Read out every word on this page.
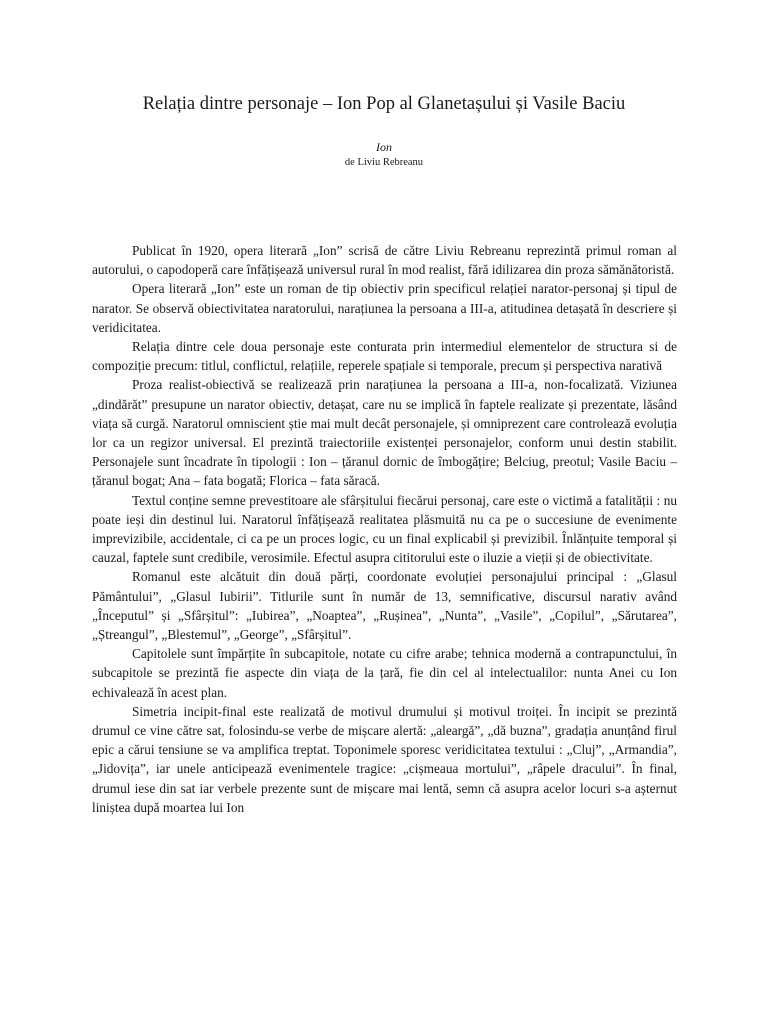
Relația dintre personaje – Ion Pop al Glanetașului și Vasile Baciu
Ion
de Liviu Rebreanu

Publicat în 1920, opera literară „Ion” scrisă de către Liviu Rebreanu reprezintă primul roman al autorului, o capodoperă care înfățișează universul rural în mod realist, fără idilizarea din proza sămănătoristă.

Opera literară „Ion” este un roman de tip obiectiv prin specificul relației narator-personaj și tipul de narator. Se observă obiectivitatea naratorului, narațiunea la persoana a III-a, atitudinea detașată în descriere și veridicitatea.

Relația dintre cele doua personaje este conturata prin intermediul elementelor de structura si de compoziție precum: titlul, conflictul, relațiile, reperele spațiale si temporale, precum și perspectiva narativă

Proza realist-obiectivă se realizează prin narațiunea la persoana a III-a, non-focalizată. Viziunea „dindărăt” presupune un narator obiectiv, detașat, care nu se implică în faptele realizate și prezentate, lăsând viața să curgă. Naratorul omniscient știe mai mult decât personajele, și omniprezent care controlează evoluția lor ca un regizor universal. El prezintă traiectoriile existenței personajelor, conform unui destin stabilit. Personajele sunt încadrate în tipologii : Ion – țăranul dornic de îmbogățire; Belciug, preotul; Vasile Baciu – țăranul bogat; Ana – fata bogată; Florica – fata săracă.

Textul conține semne prevestitoare ale sfârșitului fiecărui personaj, care este o victimă a fatalității : nu poate ieși din destinul lui. Naratorul înfățișează realitatea plăsmuită nu ca pe o succesiune de evenimente imprevizibile, accidentale, ci ca pe un proces logic, cu un final explicabil și previzibil. Înlănțuite temporal și cauzal, faptele sunt credibile, verosimile. Efectul asupra cititorului este o iluzie a vieții și de obiectivitate.

Romanul este alcătuit din două părți, coordonate evoluției personajului principal : „Glasul Pământului”, „Glasul Iubirii”. Titlurile sunt în număr de 13, semnificative, discursul narativ având „Începutul” și „Sfârșitul”: „Iubirea”, „Noaptea”, „Rușinea”, „Nunta”, „Vasile”, „Copilul”, „Sărutarea”, „Ștreangul”, „Blestemul”, „George”, „Sfârșitul”.

Capitolele sunt împărțite în subcapitole, notate cu cifre arabe; tehnica modernă a contrapunctului, în subcapitole se prezintă fie aspecte din viața de la țară, fie din cel al intelectualilor: nunta Anei cu Ion echivalează în acest plan.

Simetria incipit-final este realizată de motivul drumului și motivul troiței. În incipit se prezintă drumul ce vine către sat, folosindu-se verbe de mișcare alertă: „aleargă”, „dă buzna”, gradația anunțând firul epic a cărui tensiune se va amplifica treptat. Toponimele sporesc veridicitatea textului : „Cluj”, „Armandia”, „Jidovița”, iar unele anticipează evenimentele tragice: „cișmeaua mortului”, „râpele dracului”. În final, drumul iese din sat iar verbele prezente sunt de mișcare mai lentă, semn că asupra acelor locuri s-a așternut liniștea după moartea lui Ion
